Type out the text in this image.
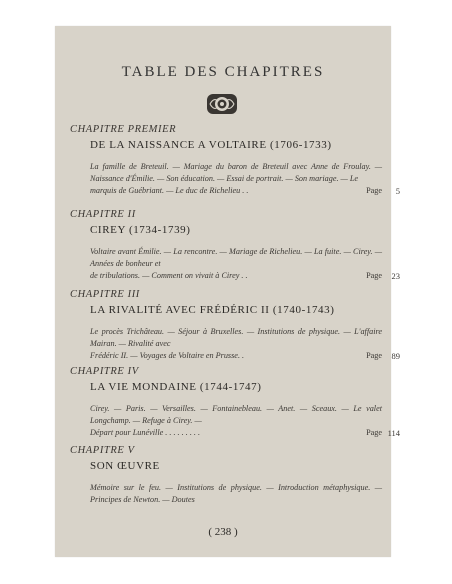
TABLE DES CHAPITRES
CHAPITRE PREMIER
DE LA NAISSANCE A VOLTAIRE (1706-1733)
La famille de Breteuil. — Mariage du baron de Breteuil avec Anne de Froulay. — Naissance d'Émilie. — Son éducation. — Essai de portrait. — Son mariage. — Le
marquis de Guébriant. — Le duc de Richelieu . .	Page 5
CHAPITRE II
CIREY (1734-1739)
Voltaire avant Émilie. — La rencontre. — Mariage de Richelieu. — La fuite. — Cirey. — Années de bonheur et
de tribulations. — Comment on vivait à Cirey . .	Page 23
CHAPITRE III
LA RIVALITÉ AVEC FRÉDÉRIC II (1740-1743)
Le procès Trichâteau. — Séjour à Bruxelles. — Institutions de physique. — L'affaire Mairan. — Rivalité avec
Frédéric II. — Voyages de Voltaire en Prusse. .	Page 89
CHAPITRE IV
LA VIE MONDAINE (1744-1747)
Cirey. — Paris. — Versailles. — Fontainebleau. — Anet. — Sceaux. — Le valet Longchamp. — Refuge à Cirey. —
Départ pour Lunéville . . . . . . . . .	Page 114
CHAPITRE V
SON ŒUVRE
Mémoire sur le feu. — Institutions de physique. — Introduction métaphysique. — Principes de Newton. — Doutes
( 238 )
